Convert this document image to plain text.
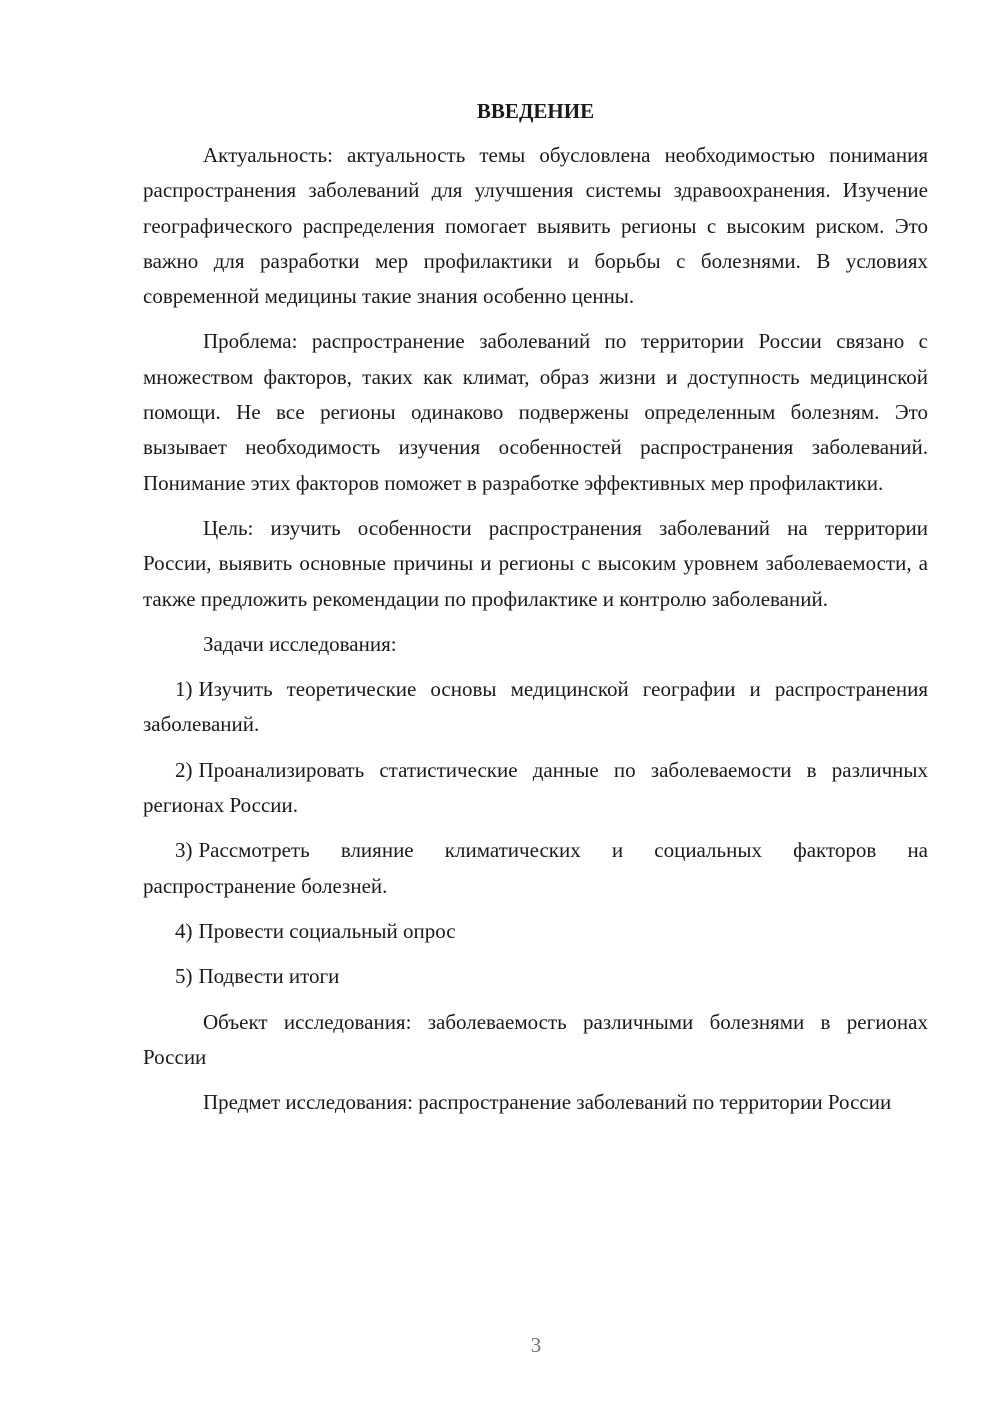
ВВЕДЕНИЕ

Актуальность: актуальность темы обусловлена необходимостью понимания распространения заболеваний для улучшения системы здравоохранения. Изучение географического распределения помогает выявить регионы с высоким риском. Это важно для разработки мер профилактики и борьбы с болезнями. В условиях современной медицины такие знания особенно ценны.

Проблема: распространение заболеваний по территории России связано с множеством факторов, таких как климат, образ жизни и доступность медицинской помощи. Не все регионы одинаково подвержены определенным болезням. Это вызывает необходимость изучения особенностей распространения заболеваний. Понимание этих факторов поможет в разработке эффективных мер профилактики.

Цель: изучить особенности распространения заболеваний на территории России, выявить основные причины и регионы с высоким уровнем заболеваемости, а также предложить рекомендации по профилактике и контролю заболеваний.

Задачи исследования:

1) Изучить теоретические основы медицинской географии и распространения заболеваний.

2) Проанализировать статистические данные по заболеваемости в различных регионах России.

3) Рассмотреть влияние климатических и социальных факторов на распространение болезней.

4) Провести социальный опрос

5) Подвести итоги

Объект исследования: заболеваемость различными болезнями в регионах России

Предмет исследования: распространение заболеваний по территории России

3
